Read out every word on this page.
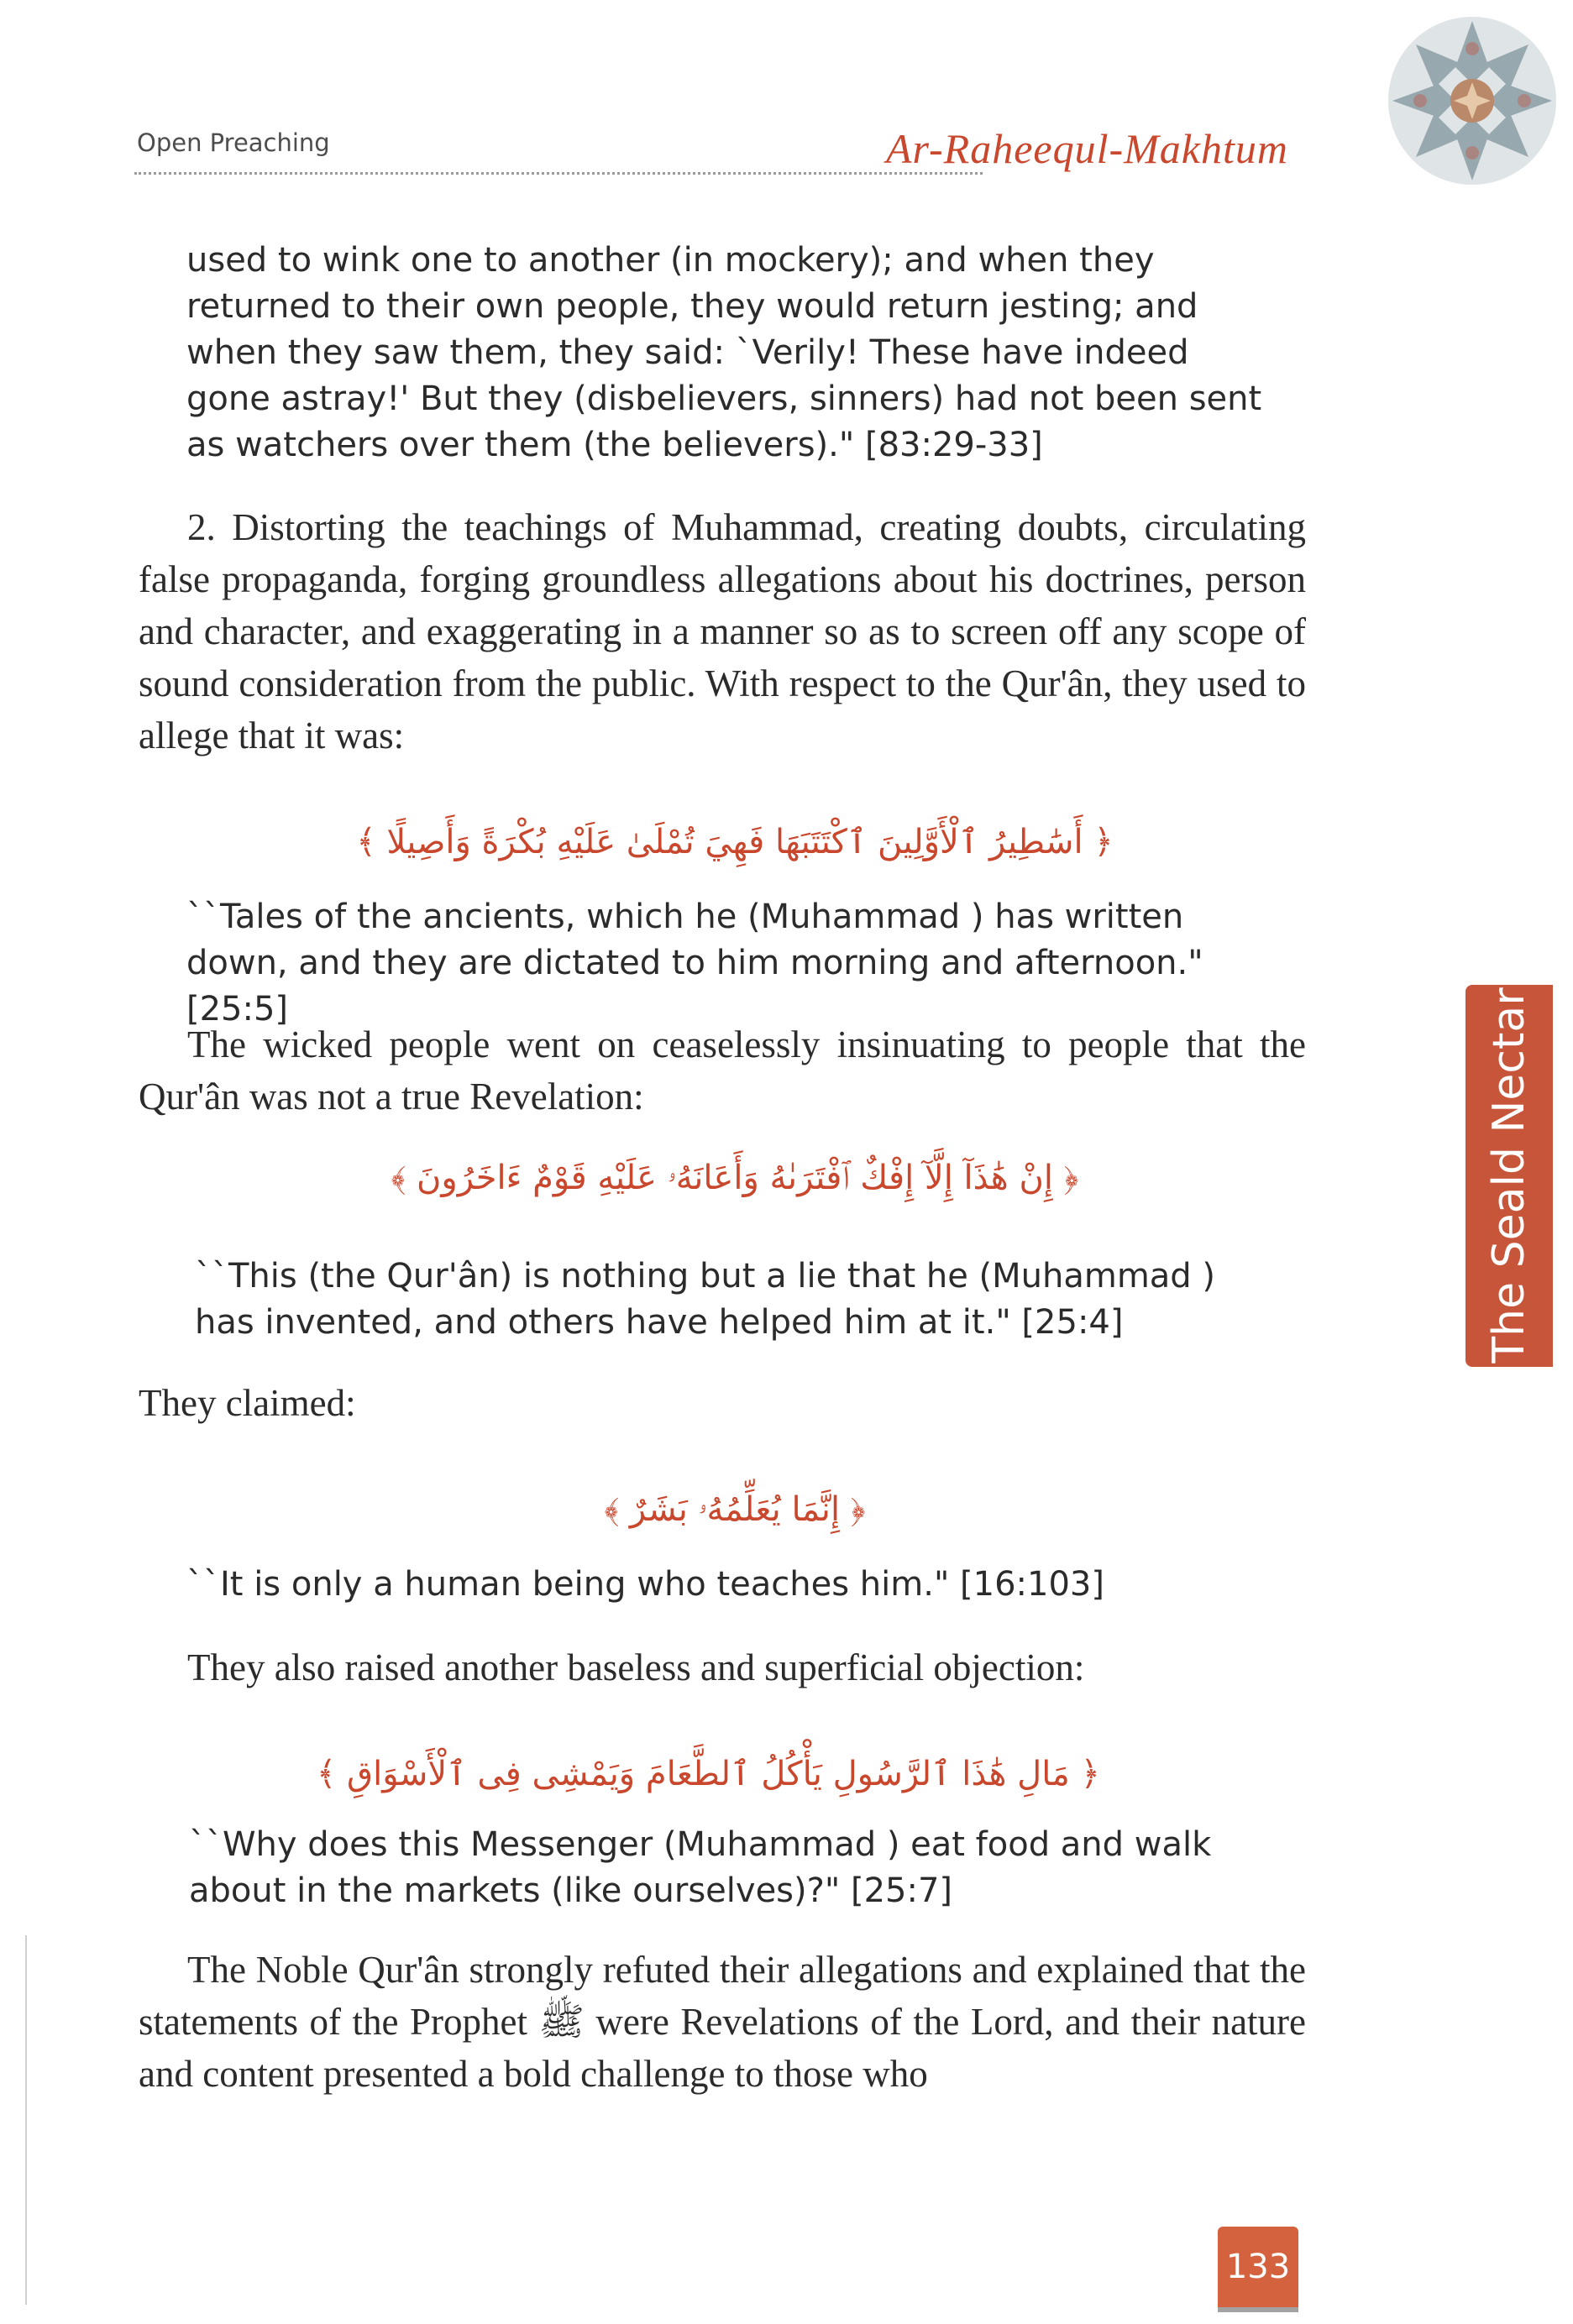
Open Preaching	Ar-Raheequl-Makhtum
used to wink one to another (in mockery); and when they returned to their own people, they would return jesting; and when they saw them, they said: `Verily! These have indeed gone astray!' But they (disbelievers, sinners) had not been sent as watchers over them (the believers)." [83:29-33]
2. Distorting the teachings of Muhammad, creating doubts, circulating false propaganda, forging groundless allegations about his doctrines, person and character, and exaggerating in a manner so as to screen off any scope of sound consideration from the public. With respect to the Qur'ân, they used to allege that it was:
﴿ أَسَٰطِيرُ ٱلْأَوَّلِينَ ٱكْتَتَبَهَا فَهِيَ تُمْلَىٰ عَلَيْهِ بُكْرَةً وَأَصِيلًا ﴾
``Tales of the ancients, which he (Muhammad ) has written down, and they are dictated to him morning and afternoon." [25:5]
The wicked people went on ceaselessly insinuating to people that the Qur'ân was not a true Revelation:
﴿ إِنْ هَٰذَآ إِلَّآ إِفْكٌ ٱفْتَرَىٰهُ وَأَعَانَهُۥ عَلَيْهِ قَوْمٌ ءَاخَرُونَ ﴾
``This (the Qur'ân) is nothing but a lie that he (Muhammad ) has invented, and others have helped him at it." [25:4]
They claimed:
﴿ إِنَّمَا يُعَلِّمُهُۥ بَشَرٌ ﴾
``It is only a human being who teaches him." [16:103]
They also raised another baseless and superficial objection:
﴿ مَالِ هَٰذَا ٱلرَّسُولِ يَأْكُلُ ٱلطَّعَامَ وَيَمْشِى فِى ٱلْأَسْوَاقِ ﴾
``Why does this Messenger (Muhammad ) eat food and walk about in the markets (like ourselves)?" [25:7]
The Noble Qur'ân strongly refuted their allegations and explained that the statements of the Prophet ﷺ were Revelations of the Lord, and their nature and content presented a bold challenge to those who
The Seald Nectar
133
